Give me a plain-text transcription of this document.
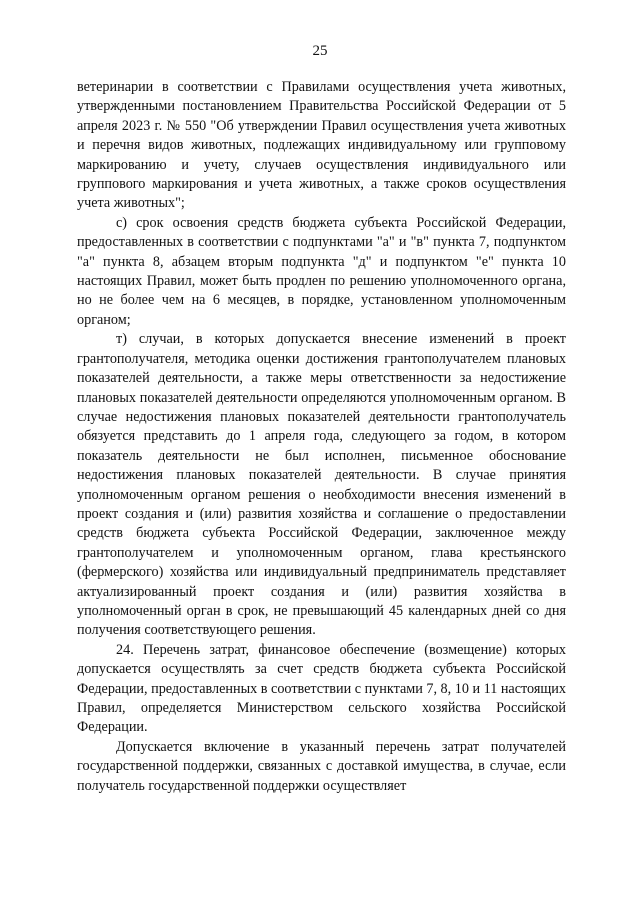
25

ветеринарии в соответствии с Правилами осуществления учета животных, утвержденными постановлением Правительства Российской Федерации от 5 апреля 2023 г. № 550 "Об утверждении Правил осуществления учета животных и перечня видов животных, подлежащих индивидуальному или групповому маркированию и учету, случаев осуществления индивидуального или группового маркирования и учета животных, а также сроков осуществления учета животных";

с) срок освоения средств бюджета субъекта Российской Федерации, предоставленных в соответствии с подпунктами "а" и "в" пункта 7, подпунктом "а" пункта 8, абзацем вторым подпункта "д" и подпунктом "е" пункта 10 настоящих Правил, может быть продлен по решению уполномоченного органа, но не более чем на 6 месяцев, в порядке, установленном уполномоченным органом;

т) случаи, в которых допускается внесение изменений в проект грантополучателя, методика оценки достижения грантополучателем плановых показателей деятельности, а также меры ответственности за недостижение плановых показателей деятельности определяются уполномоченным органом. В случае недостижения плановых показателей деятельности грантополучатель обязуется представить до 1 апреля года, следующего за годом, в котором показатель деятельности не был исполнен, письменное обоснование недостижения плановых показателей деятельности. В случае принятия уполномоченным органом решения о необходимости внесения изменений в проект создания и (или) развития хозяйства и соглашение о предоставлении средств бюджета субъекта Российской Федерации, заключенное между грантополучателем и уполномоченным органом, глава крестьянского (фермерского) хозяйства или индивидуальный предприниматель представляет актуализированный проект создания и (или) развития хозяйства в уполномоченный орган в срок, не превышающий 45 календарных дней со дня получения соответствующего решения.

24. Перечень затрат, финансовое обеспечение (возмещение) которых допускается осуществлять за счет средств бюджета субъекта Российской Федерации, предоставленных в соответствии с пунктами 7, 8, 10 и 11 настоящих Правил, определяется Министерством сельского хозяйства Российской Федерации.

Допускается включение в указанный перечень затрат получателей государственной поддержки, связанных с доставкой имущества, в случае, если получатель государственной поддержки осуществляет
